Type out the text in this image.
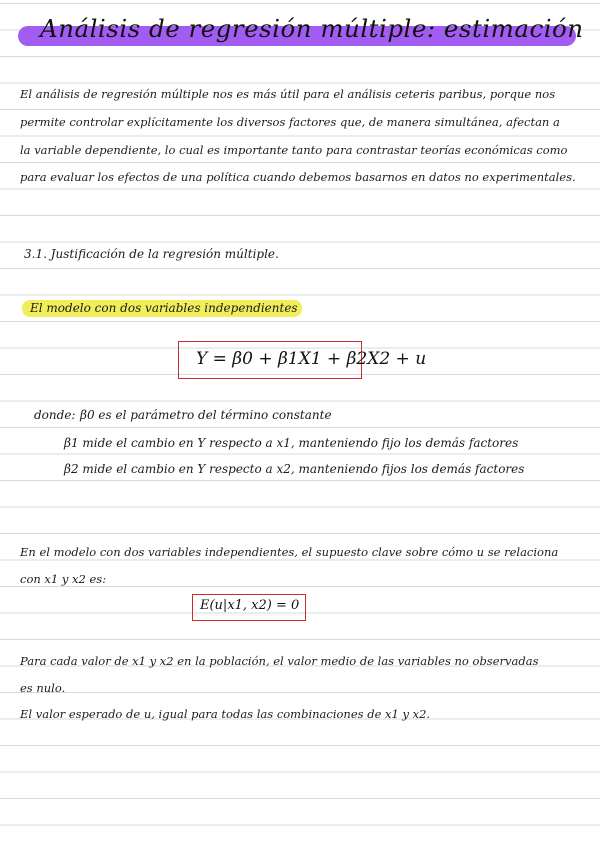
Análisis de regresión múltiple: estimación
El análisis de regresión múltiple nos es más útil para el análisis ceteris paribus, porque nos
permite controlar explícitamente los diversos factores que, de manera simultánea, afectan a
la variable dependiente, lo cual es importante tanto para contrastar teorías económicas como
para evaluar los efectos de una política cuando debemos basarnos en datos no experimentales.
3.1. Justificación de la regresión múltiple.
El modelo con dos variables independientes
Y = β0 + β1X1 + β2X2 + u
donde: β0 es el parámetro del término constante
β1 mide el cambio en Y respecto a x1, manteniendo fijo los demás factores
β2 mide el cambio en Y respecto a x2, manteniendo fijos los demás factores
En el modelo con dos variables independientes, el supuesto clave sobre cómo u se relaciona
con x1 y x2 es:
E(u|x1, x2) = 0
Para cada valor de x1 y x2 en la población, el valor medio de las variables no observadas
es nulo.
El valor esperado de u, igual para todas las combinaciones de x1 y x2.
